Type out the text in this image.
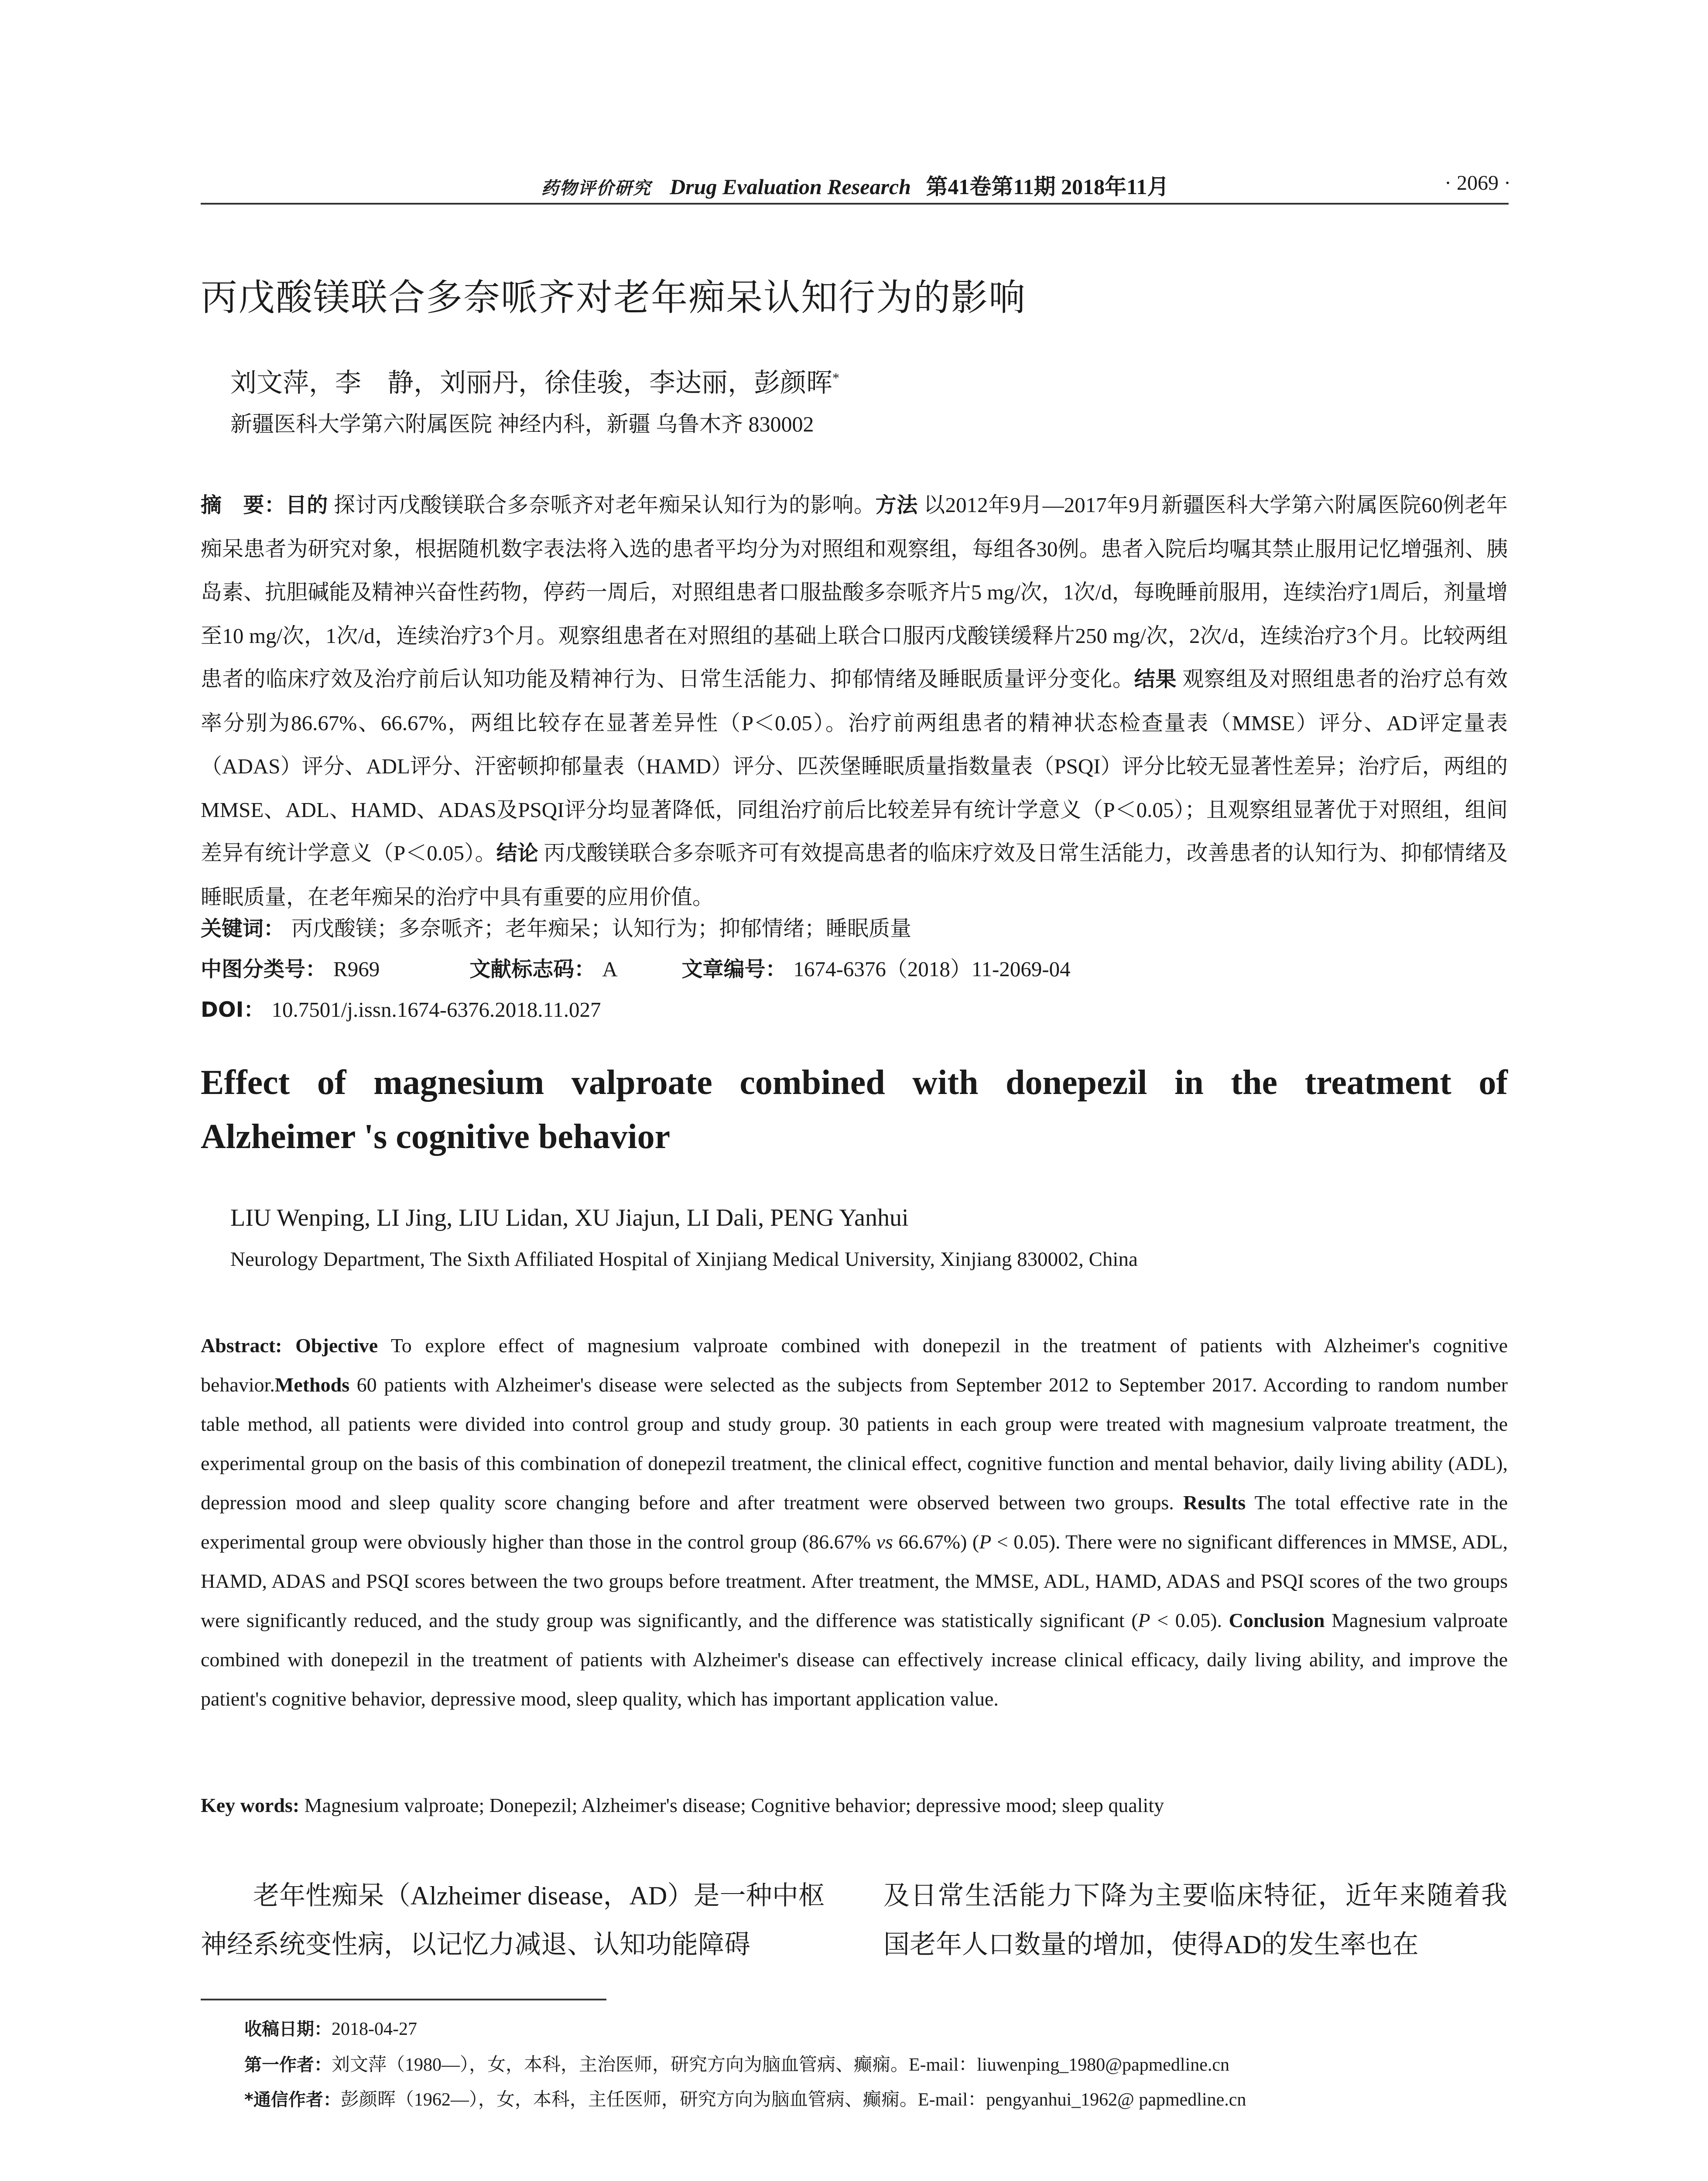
药物评价研究 Drug Evaluation Research 第41卷第11期 2018年11月	· 2069 ·
丙戊酸镁联合多奈哌齐对老年痴呆认知行为的影响
刘文萍，李　静，刘丽丹，徐佳骏，李达丽，彭颜晖*
新疆医科大学第六附属医院 神经内科，新疆 乌鲁木齐 830002
摘　要：目的 探讨丙戊酸镁联合多奈哌齐对老年痴呆认知行为的影响。方法 以2012年9月—2017年9月新疆医科大学第六附属医院60例老年痴呆患者为研究对象，根据随机数字表法将入选的患者平均分为对照组和观察组，每组各30例。患者入院后均嘱其禁止服用记忆增强剂、胰岛素、抗胆碱能及精神兴奋性药物，停药一周后，对照组患者口服盐酸多奈哌齐片5 mg/次，1次/d，每晚睡前服用，连续治疗1周后，剂量增至10 mg/次，1次/d，连续治疗3个月。观察组患者在对照组的基础上联合口服丙戊酸镁缓释片250 mg/次，2次/d，连续治疗3个月。比较两组患者的临床疗效及治疗前后认知功能及精神行为、日常生活能力、抑郁情绪及睡眠质量评分变化。结果 观察组及对照组患者的治疗总有效率分别为86.67%、66.67%，两组比较存在显著差异性（P＜0.05）。治疗前两组患者的精神状态检查量表（MMSE）评分、AD评定量表（ADAS）评分、ADL评分、汗密顿抑郁量表（HAMD）评分、匹茨堡睡眠质量指数量表（PSQI）评分比较无显著性差异；治疗后，两组的MMSE、ADL、HAMD、ADAS及PSQI评分均显著降低，同组治疗前后比较差异有统计学意义（P＜0.05）；且观察组显著优于对照组，组间差异有统计学意义（P＜0.05）。结论 丙戊酸镁联合多奈哌齐可有效提高患者的临床疗效及日常生活能力，改善患者的认知行为、抑郁情绪及睡眠质量，在老年痴呆的治疗中具有重要的应用价值。
关键词： 丙戊酸镁；多奈哌齐；老年痴呆；认知行为；抑郁情绪；睡眠质量
中图分类号： R969	文献标志码： A	文章编号： 1674-6376（2018）11-2069-04
DOI： 10.7501/j.issn.1674-6376.2018.11.027
Effect of magnesium valproate combined with donepezil in the treatment of
Alzheimer 's cognitive behavior
LIU Wenping, LI Jing, LIU Lidan, XU Jiajun, LI Dali, PENG Yanhui
Neurology Department, The Sixth Affiliated Hospital of Xinjiang Medical University, Xinjiang 830002, China
Abstract: Objective To explore effect of magnesium valproate combined with donepezil in the treatment of patients with Alzheimer's cognitive behavior.Methods 60 patients with Alzheimer's disease were selected as the subjects from September 2012 to September 2017. According to random number table method, all patients were divided into control group and study group. 30 patients in each group were treated with magnesium valproate treatment, the experimental group on the basis of this combination of donepezil treatment, the clinical effect, cognitive function and mental behavior, daily living ability (ADL), depression mood and sleep quality score changing before and after treatment were observed between two groups. Results The total effective rate in the experimental group were obviously higher than those in the control group (86.67% vs 66.67%) (P < 0.05). There were no significant differences in MMSE, ADL, HAMD, ADAS and PSQI scores between the two groups before treatment. After treatment, the MMSE, ADL, HAMD, ADAS and PSQI scores of the two groups were significantly reduced, and the study group was significantly, and the difference was statistically significant (P < 0.05). Conclusion Magnesium valproate combined with donepezil in the treatment of patients with Alzheimer's disease can effectively increase clinical efficacy, daily living ability, and improve the patient's cognitive behavior, depressive mood, sleep quality, which has important application value.
Key words: Magnesium valproate; Donepezil; Alzheimer's disease; Cognitive behavior; depressive mood; sleep quality
老年性痴呆（Alzheimer disease，AD）是一种中枢神经系统变性病，以记忆力减退、认知功能障碍
及日常生活能力下降为主要临床特征，近年来随着我国老年人口数量的增加，使得AD的发生率也在
收稿日期：2018-04-27
第一作者：刘文萍（1980—），女，本科，主治医师，研究方向为脑血管病、癫痫。E-mail：liuwenping_1980@papmedline.cn
*通信作者：彭颜晖（1962—），女，本科，主任医师，研究方向为脑血管病、癫痫。E-mail：pengyanhui_1962@ papmedline.cn
